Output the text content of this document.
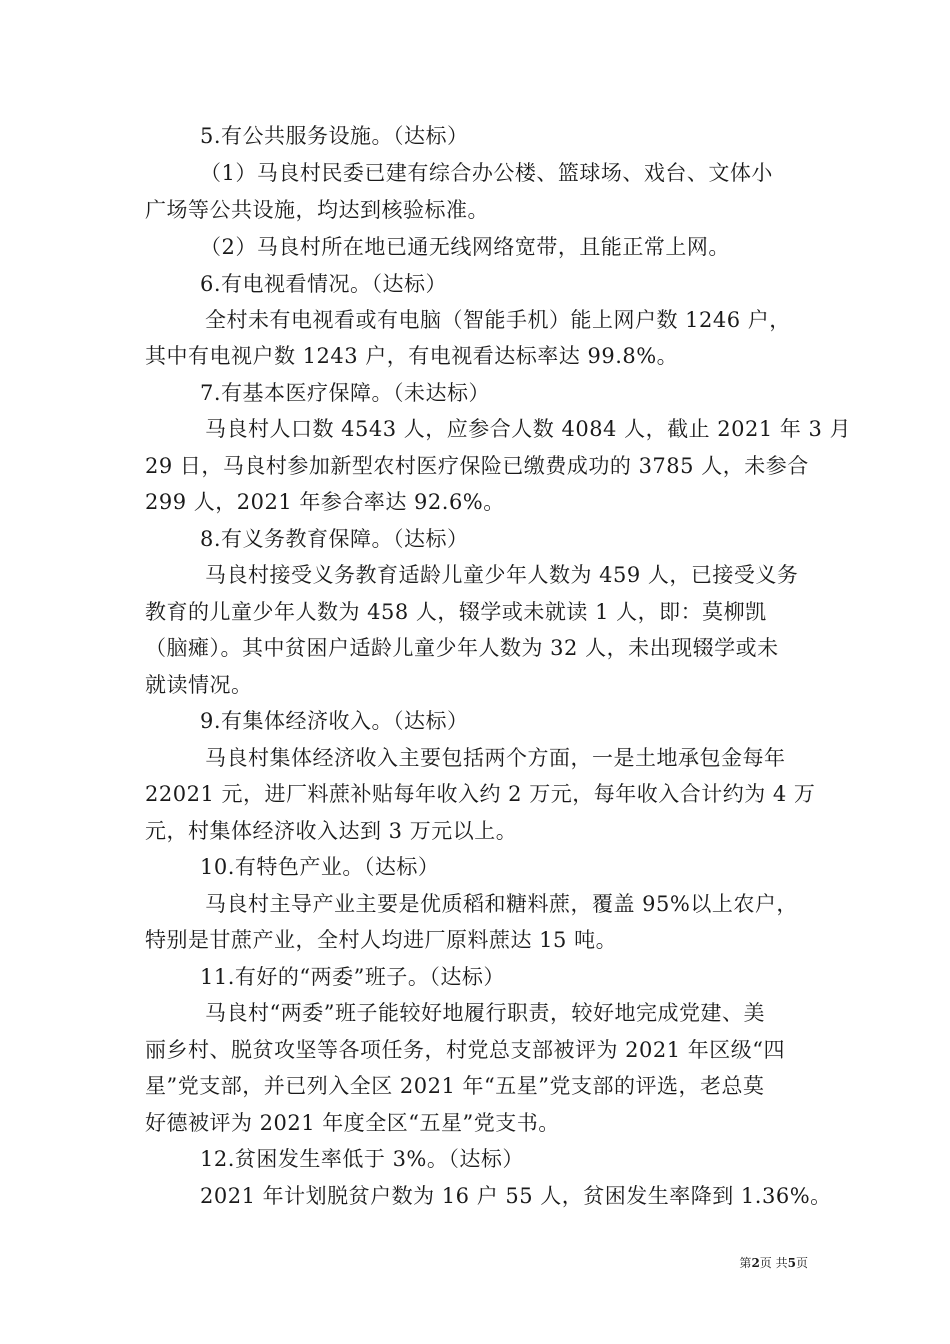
5.有公共服务设施。（达标）
（1）马良村民委已建有综合办公楼、篮球场、戏台、文体小
广场等公共设施，均达到核验标准。
（2）马良村所在地已通无线网络宽带，且能正常上网。
6.有电视看情况。（达标）
全村未有电视看或有电脑（智能手机）能上网户数 1246 户，
其中有电视户数 1243 户，有电视看达标率达 99.8%。
7.有基本医疗保障。（未达标）
马良村人口数 4543 人，应参合人数 4084 人，截止 2021 年 3 月
29 日，马良村参加新型农村医疗保险已缴费成功的 3785 人，未参合
299 人，2021 年参合率达 92.6%。
8.有义务教育保障。（达标）
马良村接受义务教育适龄儿童少年人数为 459 人，已接受义务
教育的儿童少年人数为 458 人，辍学或未就读 1 人，即：莫柳凯
（脑瘫）。其中贫困户适龄儿童少年人数为 32 人，未出现辍学或未
就读情况。
9.有集体经济收入。（达标）
马良村集体经济收入主要包括两个方面，一是土地承包金每年
22021 元，进厂料蔗补贴每年收入约 2 万元，每年收入合计约为 4 万
元，村集体经济收入达到 3 万元以上。
10.有特色产业。（达标）
马良村主导产业主要是优质稻和糖料蔗，覆盖 95%以上农户，
特别是甘蔗产业，全村人均进厂原料蔗达 15 吨。
11.有好的“两委”班子。（达标）
马良村“两委”班子能较好地履行职责，较好地完成党建、美
丽乡村、脱贫攻坚等各项任务，村党总支部被评为 2021 年区级“四
星”党支部，并已列入全区 2021 年“五星”党支部的评选，老总莫
好德被评为 2021 年度全区“五星”党支书。
12.贫困发生率低于 3%。（达标）
2021 年计划脱贫户数为 16 户 55 人，贫困发生率降到 1.36%。
第2页 共5页
